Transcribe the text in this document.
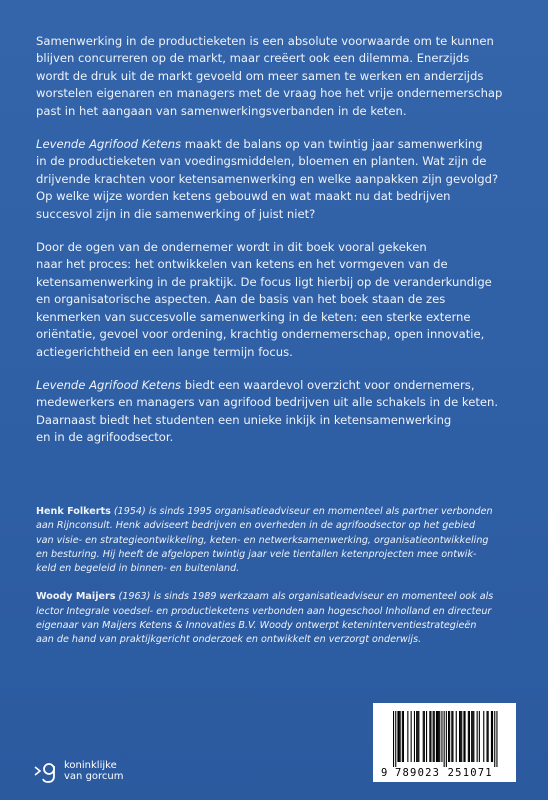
Samenwerking in de productieketen is een absolute voorwaarde om te kunnen
blijven concurreren op de markt, maar creëert ook een dilemma. Enerzijds
wordt de druk uit de markt gevoeld om meer samen te werken en anderzijds
worstelen eigenaren en managers met de vraag hoe het vrije ondernemerschap
past in het aangaan van samenwerkingsverbanden in de keten.

Levende Agrifood Ketens maakt de balans op van twintig jaar samenwerking
in de productieketen van voedingsmiddelen, bloemen en planten. Wat zijn de
drijvende krachten voor ketensamenwerking en welke aanpakken zijn gevolgd?
Op welke wijze worden ketens gebouwd en wat maakt nu dat bedrijven
succesvol zijn in die samenwerking of juist niet?

Door de ogen van de ondernemer wordt in dit boek vooral gekeken
naar het proces: het ontwikkelen van ketens en het vormgeven van de
ketensamenwerking in de praktijk. De focus ligt hierbij op de veranderkundige
en organisatorische aspecten. Aan de basis van het boek staan de zes
kenmerken van succesvolle samenwerking in de keten: een sterke externe
oriëntatie, gevoel voor ordening, krachtig ondernemerschap, open innovatie,
actiegerichtheid en een lange termijn focus.

Levende Agrifood Ketens biedt een waardevol overzicht voor ondernemers,
medewerkers en managers van agrifood bedrijven uit alle schakels in de keten.
Daarnaast biedt het studenten een unieke inkijk in ketensamenwerking
en in de agrifoodsector.

Henk Folkerts (1954) is sinds 1995 organisatieadviseur en momenteel als partner verbonden
aan Rijnconsult. Henk adviseert bedrijven en overheden in de agrifoodsector op het gebied
van visie- en strategieontwikkeling, keten- en netwerksamenwerking, organisatieontwikkeling
en besturing. Hij heeft de afgelopen twintig jaar vele tientallen ketenprojecten mee ontwik-
keld en begeleid in binnen- en buitenland.

Woody Maijers (1963) is sinds 1989 werkzaam als organisatieadviseur en momenteel ook als
lector Integrale voedsel- en productieketens verbonden aan hogeschool Inholland en directeur
eigenaar van Maijers Ketens & Innovaties B.V. Woody ontwerpt keteninterventiestrategieën
aan de hand van praktijkgericht onderzoek en ontwikkelt en verzorgt onderwijs.

koninklijke
van gorcum	9 789023 251071
